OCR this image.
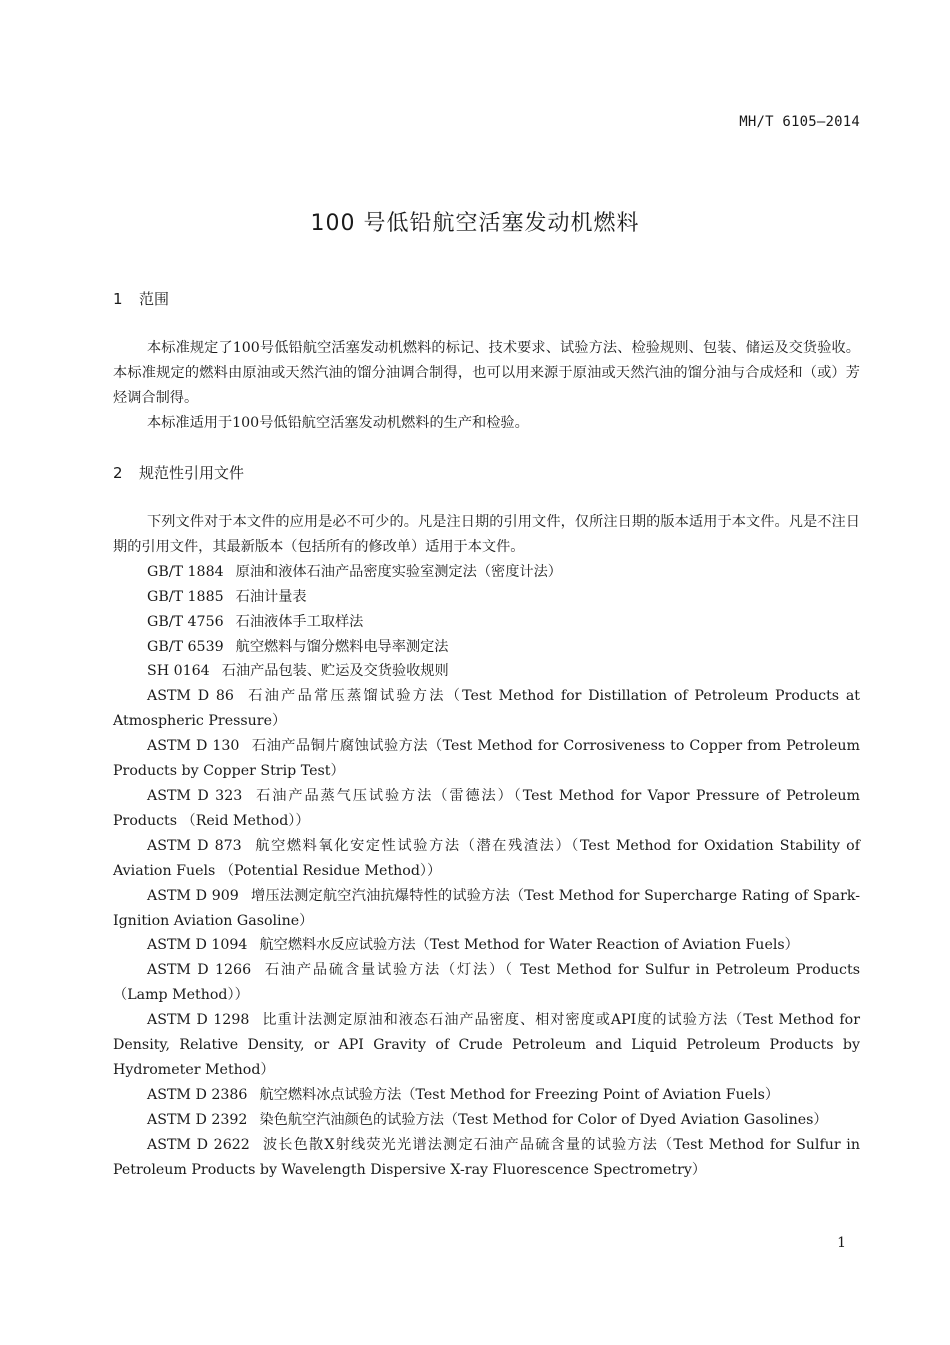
MH/T 6105—2014
100 号低铅航空活塞发动机燃料
1 范围

本标准规定了100号低铅航空活塞发动机燃料的标记、技术要求、试验方法、检验规则、包装、储运及交货验收。本标准规定的燃料由原油或天然汽油的馏分油调合制得，也可以用来源于原油或天然汽油的馏分油与合成烃和（或）芳烃调合制得。

本标准适用于100号低铅航空活塞发动机燃料的生产和检验。

2 规范性引用文件

下列文件对于本文件的应用是必不可少的。凡是注日期的引用文件，仅所注日期的版本适用于本文件。凡是不注日期的引用文件，其最新版本（包括所有的修改单）适用于本文件。

GB/T 1884 原油和液体石油产品密度实验室测定法（密度计法）
GB/T 1885 石油计量表
GB/T 4756 石油液体手工取样法
GB/T 6539 航空燃料与馏分燃料电导率测定法
SH 0164 石油产品包装、贮运及交货验收规则
ASTM D 86 石油产品常压蒸馏试验方法（Test Method for Distillation of Petroleum Products at Atmospheric Pressure）
ASTM D 130 石油产品铜片腐蚀试验方法（Test Method for Corrosiveness to Copper from Petroleum Products by Copper Strip Test）
ASTM D 323 石油产品蒸气压试验方法（雷德法）（Test Method for Vapor Pressure of Petroleum Products （Reid Method））
ASTM D 873 航空燃料氧化安定性试验方法（潜在残渣法）（Test Method for Oxidation Stability of Aviation Fuels （Potential Residue Method））
ASTM D 909 增压法测定航空汽油抗爆特性的试验方法（Test Method for Supercharge Rating of Spark-Ignition Aviation Gasoline）
ASTM D 1094 航空燃料水反应试验方法（Test Method for Water Reaction of Aviation Fuels）
ASTM D 1266 石油产品硫含量试验方法（灯法）（ Test Method for Sulfur in Petroleum Products （Lamp Method））
ASTM D 1298 比重计法测定原油和液态石油产品密度、相对密度或API度的试验方法（Test Method for Density, Relative Density, or API Gravity of Crude Petroleum and Liquid Petroleum Products by Hydrometer Method）
ASTM D 2386 航空燃料冰点试验方法（Test Method for Freezing Point of Aviation Fuels）
ASTM D 2392 染色航空汽油颜色的试验方法（Test Method for Color of Dyed Aviation Gasolines）
ASTM D 2622 波长色散X射线荧光光谱法测定石油产品硫含量的试验方法（Test Method for Sulfur in Petroleum Products by Wavelength Dispersive X-ray Fluorescence Spectrometry）
1
